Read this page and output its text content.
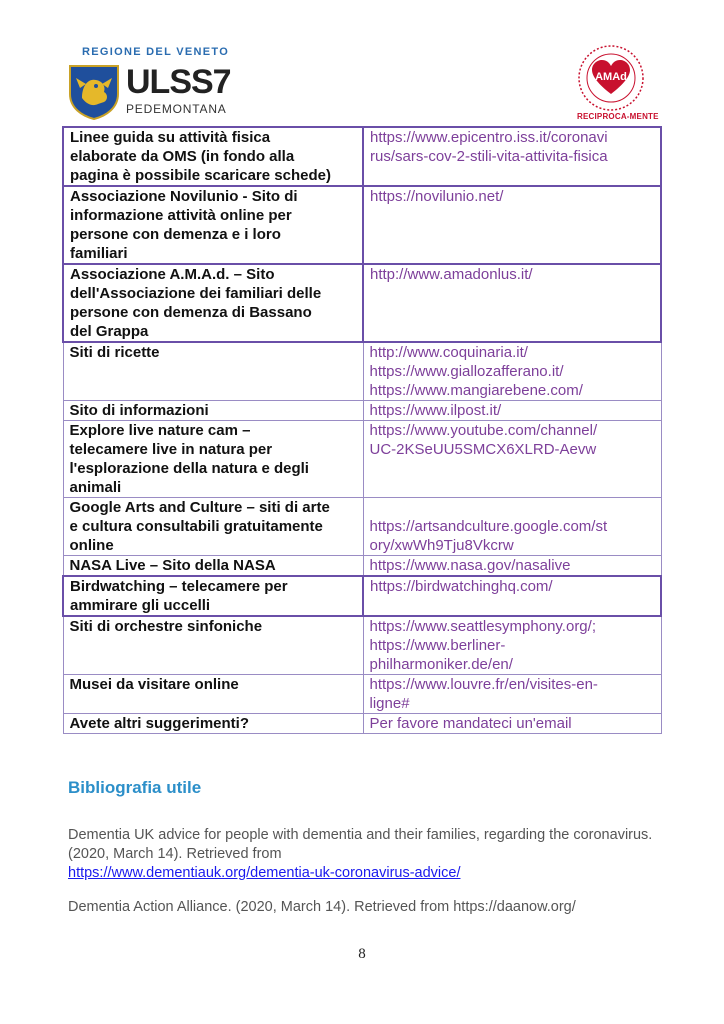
REGIONE DEL VENETO
ULSS7
PEDEMONTANA
AMAd
RECIPROCA-MENTE
Linee guida su attività fisica
elaborate da OMS (in fondo alla
pagina è possibile scaricare schede)	https://www.epicentro.iss.it/coronavi
rus/sars-cov-2-stili-vita-attivita-fisica

Associazione Novilunio - Sito di
informazione attività online per
persone con demenza e i loro
familiari	https://novilunio.net/

Associazione A.M.A.d. – Sito
dell'Associazione dei familiari delle
persone con demenza di Bassano
del Grappa	http://www.amadonlus.it/

Siti di ricette	http://www.coquinaria.it/
https://www.giallozafferano.it/
https://www.mangiarebene.com/

Sito di informazioni	https://www.ilpost.it/

Explore live nature cam –
telecamere live in natura per
l'esplorazione della natura e degli
animali	https://www.youtube.com/channel/
UC-2KSeUU5SMCX6XLRD-Aevw

Google Arts and Culture – siti di arte
e cultura consultabili gratuitamente
online	https://artsandculture.google.com/st
ory/xwWh9Tju8Vkcrw

NASA Live – Sito della NASA	https://www.nasa.gov/nasalive

Birdwatching – telecamere per
ammirare gli uccelli	https://birdwatchinghq.com/

Siti di orchestre sinfoniche	https://www.seattlesymphony.org/;
https://www.berliner-
philharmoniker.de/en/

Musei da visitare online	https://www.louvre.fr/en/visites-en-
ligne#

Avete altri suggerimenti?	Per favore mandateci un'email
Bibliografia utile
Dementia UK advice for people with dementia and their families, regarding the coronavirus. (2020, March 14). Retrieved from
https://www.dementiauk.org/dementia-uk-coronavirus-advice/
Dementia Action Alliance. (2020, March 14). Retrieved from https://daanow.org/
8
